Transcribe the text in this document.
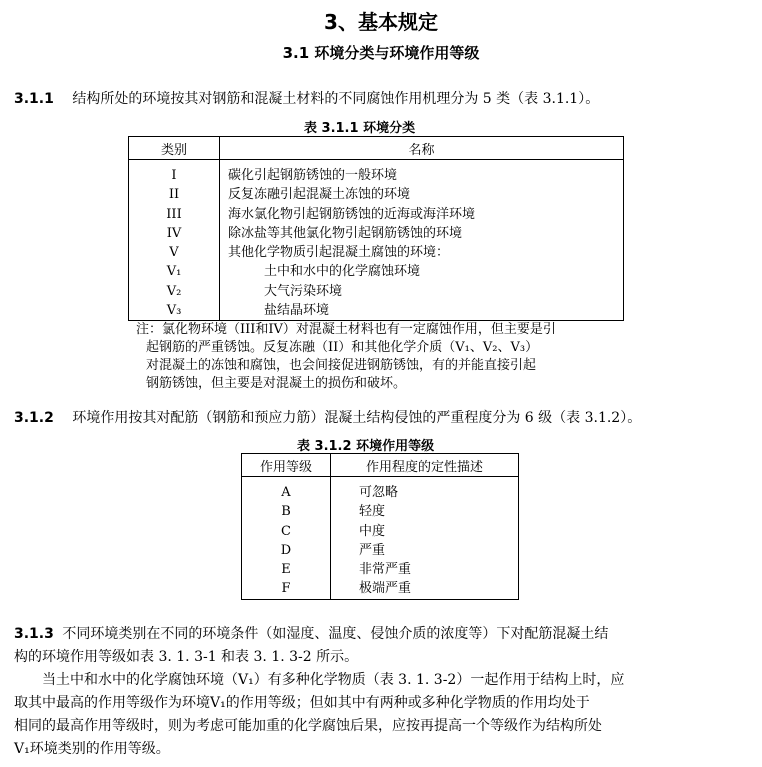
3、基本规定
3.1 环境分类与环境作用等级
3.1.1 结构所处的环境按其对钢筋和混凝土材料的不同腐蚀作用机理分为 5 类（表 3.1.1）。
表 3.1.1 环境分类
类别	名称

I	碳化引起钢筋锈蚀的一般环境
II	反复冻融引起混凝土冻蚀的环境
III	海水氯化物引起钢筋锈蚀的近海或海洋环境
IV	除冰盐等其他氯化物引起钢筋锈蚀的环境
V	其他化学物质引起混凝土腐蚀的环境：
V₁	土中和水中的化学腐蚀环境
V₂	大气污染环境
V₃	盐结晶环境
注：氯化物环境（III和IV）对混凝土材料也有一定腐蚀作用，但主要是引
起钢筋的严重锈蚀。反复冻融（II）和其他化学介质（V₁、V₂、V₃）
对混凝土的冻蚀和腐蚀，也会间接促进钢筋锈蚀，有的并能直接引起
钢筋锈蚀，但主要是对混凝土的损伤和破坏。
3.1.2 环境作用按其对配筋（钢筋和预应力筋）混凝土结构侵蚀的严重程度分为 6 级（表 3.1.2）。
表 3.1.2 环境作用等级
作用等级	作用程度的定性描述

A	可忽略
B	轻度
C	中度
D	严重
E	非常严重
F	极端严重
3.1.3 不同环境类别在不同的环境条件（如湿度、温度、侵蚀介质的浓度等）下对配筋混凝土结
构的环境作用等级如表 3. 1. 3-1 和表 3. 1. 3-2 所示。
当土中和水中的化学腐蚀环境（V₁）有多种化学物质（表 3. 1. 3-2）一起作用于结构上时，应
取其中最高的作用等级作为环境V₁的作用等级；但如其中有两种或多种化学物质的作用均处于
相同的最高作用等级时，则为考虑可能加重的化学腐蚀后果，应按再提高一个等级作为结构所处
V₁环境类别的作用等级。
